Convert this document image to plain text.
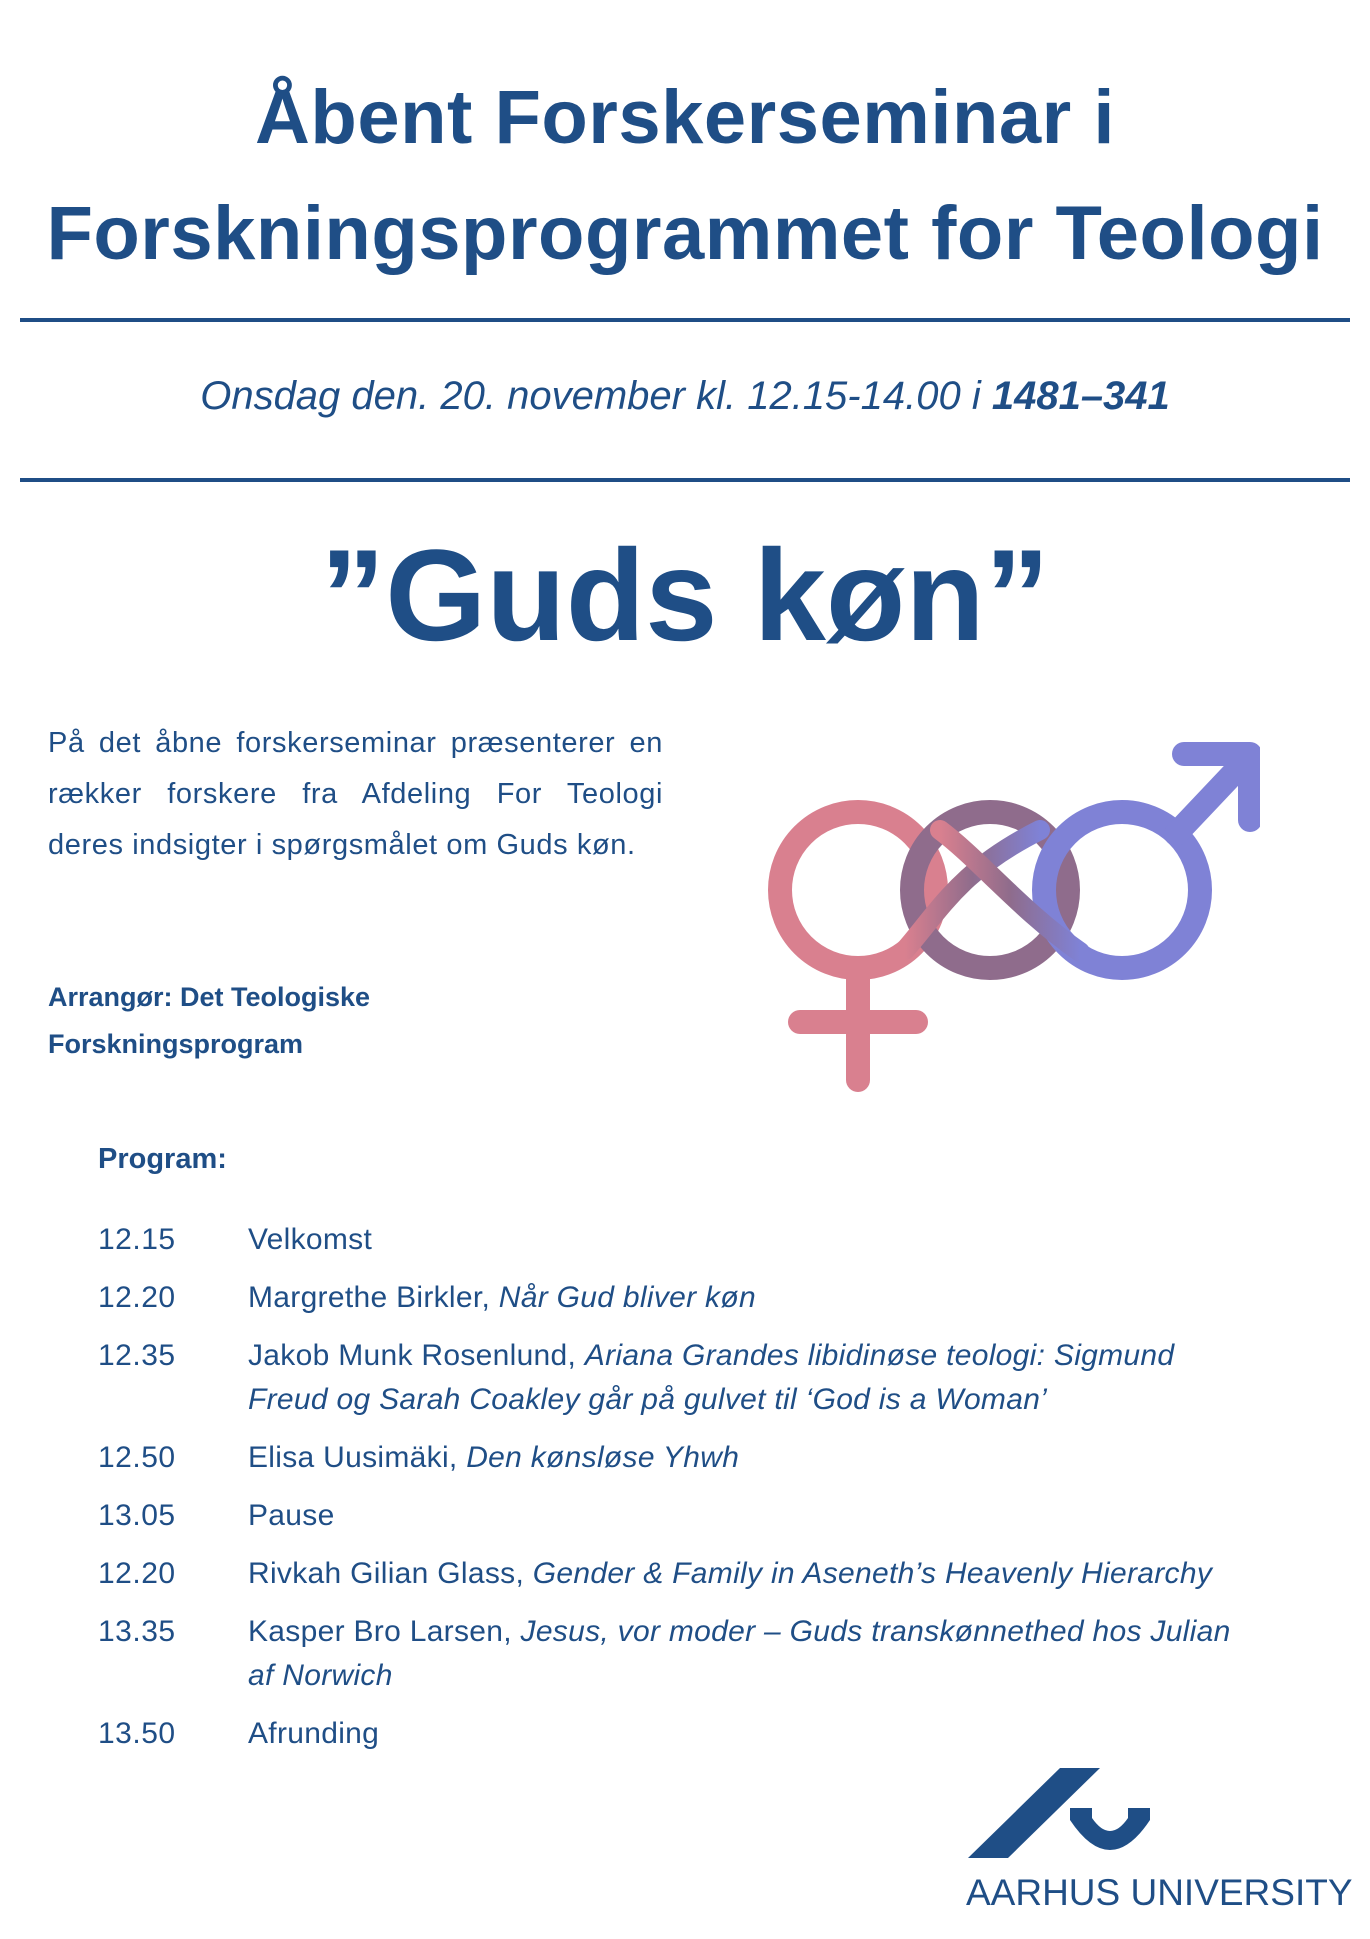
Åbent Forskerseminar i
Forskningsprogrammet for Teologi
Onsdag den. 20. november kl. 12.15-14.00 i 1481–341
”Guds køn”
På det åbne forskerseminar præsenterer en rækker forskere fra Afdeling For Teologi deres indsigter i spørgsmålet om Guds køn.
Arrangør: Det Teologiske
Forskningsprogram
Program:
12.15	Velkomst
12.20	Margrethe Birkler, Når Gud bliver køn
12.35	Jakob Munk Rosenlund, Ariana Grandes libidinøse teologi: Sigmund Freud og Sarah Coakley går på gulvet til ‘God is a Woman’
12.50	Elisa Uusimäki, Den kønsløse Yhwh
13.05	Pause
12.20	Rivkah Gilian Glass, Gender & Family in Aseneth’s Heavenly Hierarchy
13.35	Kasper Bro Larsen, Jesus, vor moder – Guds transkønnethed hos Julian af Norwich
13.50	Afrunding
AARHUS UNIVERSITY
